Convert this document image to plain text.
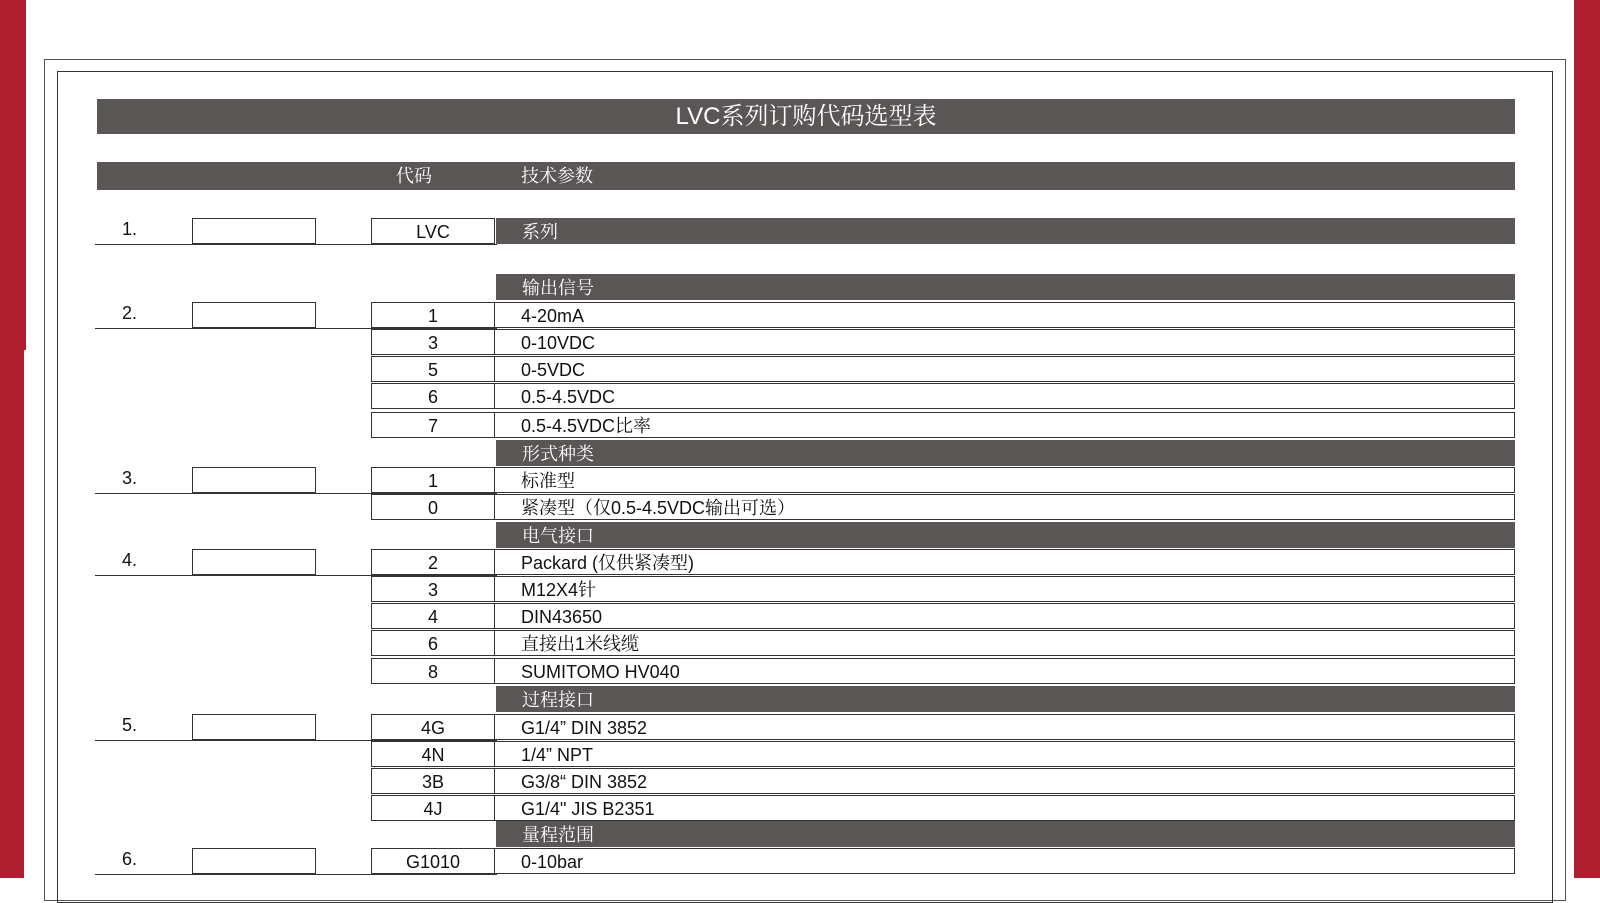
LVC系列订购代码选型表
代码	技术参数
系列
1.	LVC
输出信号
2.	1	4-20mA
3	0-10VDC
5	0-5VDC
6	0.5-4.5VDC
7	0.5-4.5VDC比率
形式种类
3.	1	标准型
0	紧凑型（仅0.5-4.5VDC输出可选）
电气接口
4.	2	Packard (仅供紧凑型)
3	M12X4针
4	DIN43650
6	直接出1米线缆
8	SUMITOMO HV040
过程接口
5.	4G	G1/4” DIN 3852
4N	1/4” NPT
3B	G3/8“ DIN 3852
4J	G1/4" JIS B2351
量程范围
6.	G1010	0-10bar
